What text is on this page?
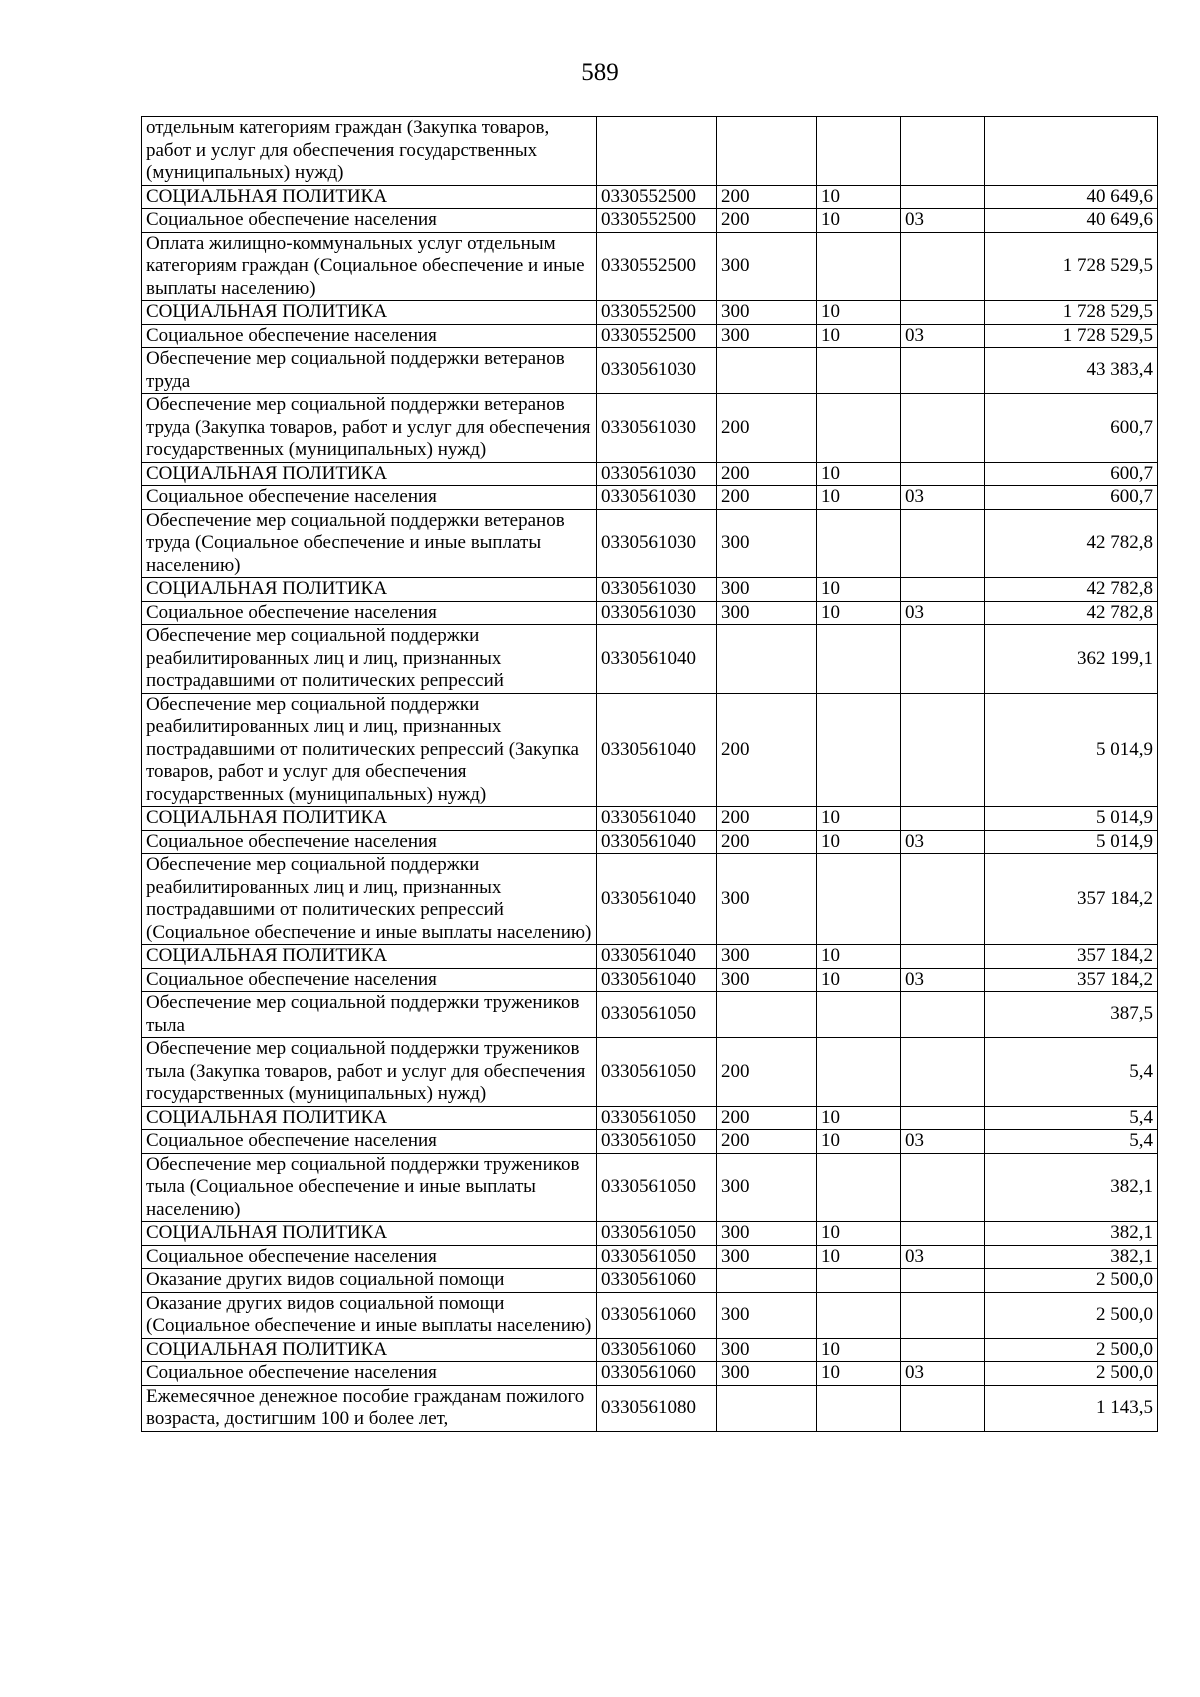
589
отдельным категориям граждан (Закупка товаров, работ и услуг для обеспечения государственных (муниципальных) нужд)					
СОЦИАЛЬНАЯ ПОЛИТИКА	0330552500	200	10		40 649,6
Социальное обеспечение населения	0330552500	200	10	03	40 649,6
Оплата жилищно-коммунальных услуг отдельным категориям граждан (Социальное обеспечение и иные выплаты населению)	0330552500	300			1 728 529,5
СОЦИАЛЬНАЯ ПОЛИТИКА	0330552500	300	10		1 728 529,5
Социальное обеспечение населения	0330552500	300	10	03	1 728 529,5
Обеспечение мер социальной поддержки ветеранов труда	0330561030				43 383,4
Обеспечение мер социальной поддержки ветеранов труда (Закупка товаров, работ и услуг для обеспечения государственных (муниципальных) нужд)	0330561030	200			600,7
СОЦИАЛЬНАЯ ПОЛИТИКА	0330561030	200	10		600,7
Социальное обеспечение населения	0330561030	200	10	03	600,7
Обеспечение мер социальной поддержки ветеранов труда (Социальное обеспечение и иные выплаты населению)	0330561030	300			42 782,8
СОЦИАЛЬНАЯ ПОЛИТИКА	0330561030	300	10		42 782,8
Социальное обеспечение населения	0330561030	300	10	03	42 782,8
Обеспечение мер социальной поддержки реабилитированных лиц и лиц, признанных пострадавшими от политических репрессий	0330561040				362 199,1
Обеспечение мер социальной поддержки реабилитированных лиц и лиц, признанных пострадавшими от политических репрессий (Закупка товаров, работ и услуг для обеспечения государственных (муниципальных) нужд)	0330561040	200			5 014,9
СОЦИАЛЬНАЯ ПОЛИТИКА	0330561040	200	10		5 014,9
Социальное обеспечение населения	0330561040	200	10	03	5 014,9
Обеспечение мер социальной поддержки реабилитированных лиц и лиц, признанных пострадавшими от политических репрессий (Социальное обеспечение и иные выплаты населению)	0330561040	300			357 184,2
СОЦИАЛЬНАЯ ПОЛИТИКА	0330561040	300	10		357 184,2
Социальное обеспечение населения	0330561040	300	10	03	357 184,2
Обеспечение мер социальной поддержки тружеников тыла	0330561050				387,5
Обеспечение мер социальной поддержки тружеников тыла (Закупка товаров, работ и услуг для обеспечения государственных (муниципальных) нужд)	0330561050	200			5,4
СОЦИАЛЬНАЯ ПОЛИТИКА	0330561050	200	10		5,4
Социальное обеспечение населения	0330561050	200	10	03	5,4
Обеспечение мер социальной поддержки тружеников тыла (Социальное обеспечение и иные выплаты населению)	0330561050	300			382,1
СОЦИАЛЬНАЯ ПОЛИТИКА	0330561050	300	10		382,1
Социальное обеспечение населения	0330561050	300	10	03	382,1
Оказание других видов социальной помощи	0330561060				2 500,0
Оказание других видов социальной помощи (Социальное обеспечение и иные выплаты населению)	0330561060	300			2 500,0
СОЦИАЛЬНАЯ ПОЛИТИКА	0330561060	300	10		2 500,0
Социальное обеспечение населения	0330561060	300	10	03	2 500,0
Ежемесячное денежное пособие гражданам пожилого возраста, достигшим 100 и более лет,	0330561080				1 143,5
